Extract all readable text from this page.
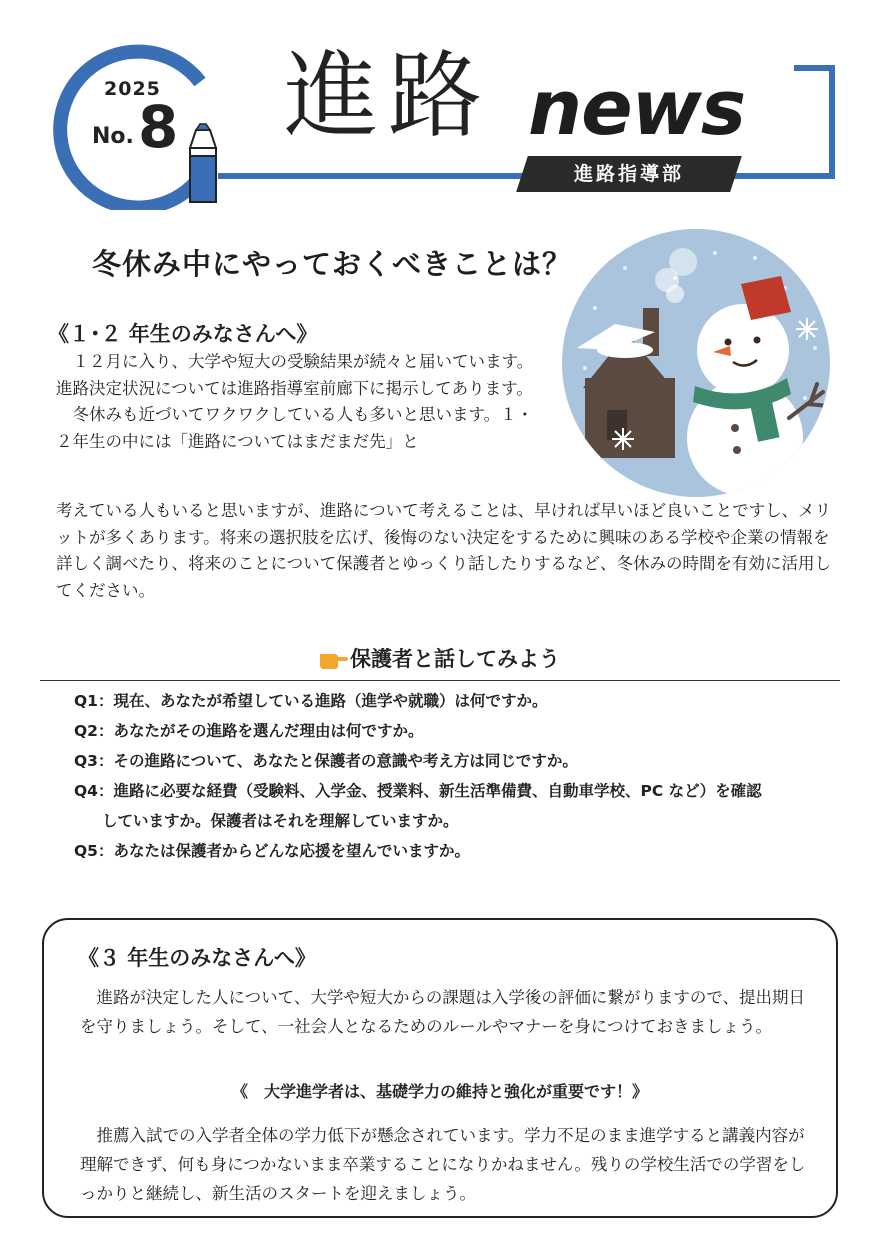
2025
No. 8 進路 news
進路指導部
冬休み中にやっておくべきことは？
《１･２ 年生のみなさんへ》
　１２月に入り、大学や短大の受験結果が続々と届いています。進路決定状況については進路指導室前廊下に掲示してあります。
　冬休みも近づいてワクワクしている人も多いと思います。１・２年生の中には「進路についてはまだまだ先」と
考えている人もいると思いますが、進路について考えることは、早ければ早いほど良いことですし、メリットが多くあります。将来の選択肢を広げ、後悔のない決定をするために興味のある学校や企業の情報を詳しく調べたり、将来のことについて保護者とゆっくり話したりするなど、冬休みの時間を有効に活用してください。
保護者と話してみよう
Q1：現在、あなたが希望している進路（進学や就職）は何ですか。
Q2：あなたがその進路を選んだ理由は何ですか。
Q3：その進路について、あなたと保護者の意識や考え方は同じですか。
Q4：進路に必要な経費（受験料、入学金、授業料、新生活準備費、自動車学校、PC など）を確認
していますか。保護者はそれを理解していますか。
Q5：あなたは保護者からどんな応援を望んでいますか。
《３ 年生のみなさんへ》
　進路が決定した人について、大学や短大からの課題は入学後の評価に繋がりますので、提出期日を守りましょう。そして、一社会人となるためのルールやマナーを身につけておきましょう。
《　大学進学者は、基礎学力の維持と強化が重要です！》
　推薦入試での入学者全体の学力低下が懸念されています。学力不足のまま進学すると講義内容が理解できず、何も身につかないまま卒業することになりかねません。残りの学校生活での学習をしっかりと継続し、新生活のスタートを迎えましょう。
